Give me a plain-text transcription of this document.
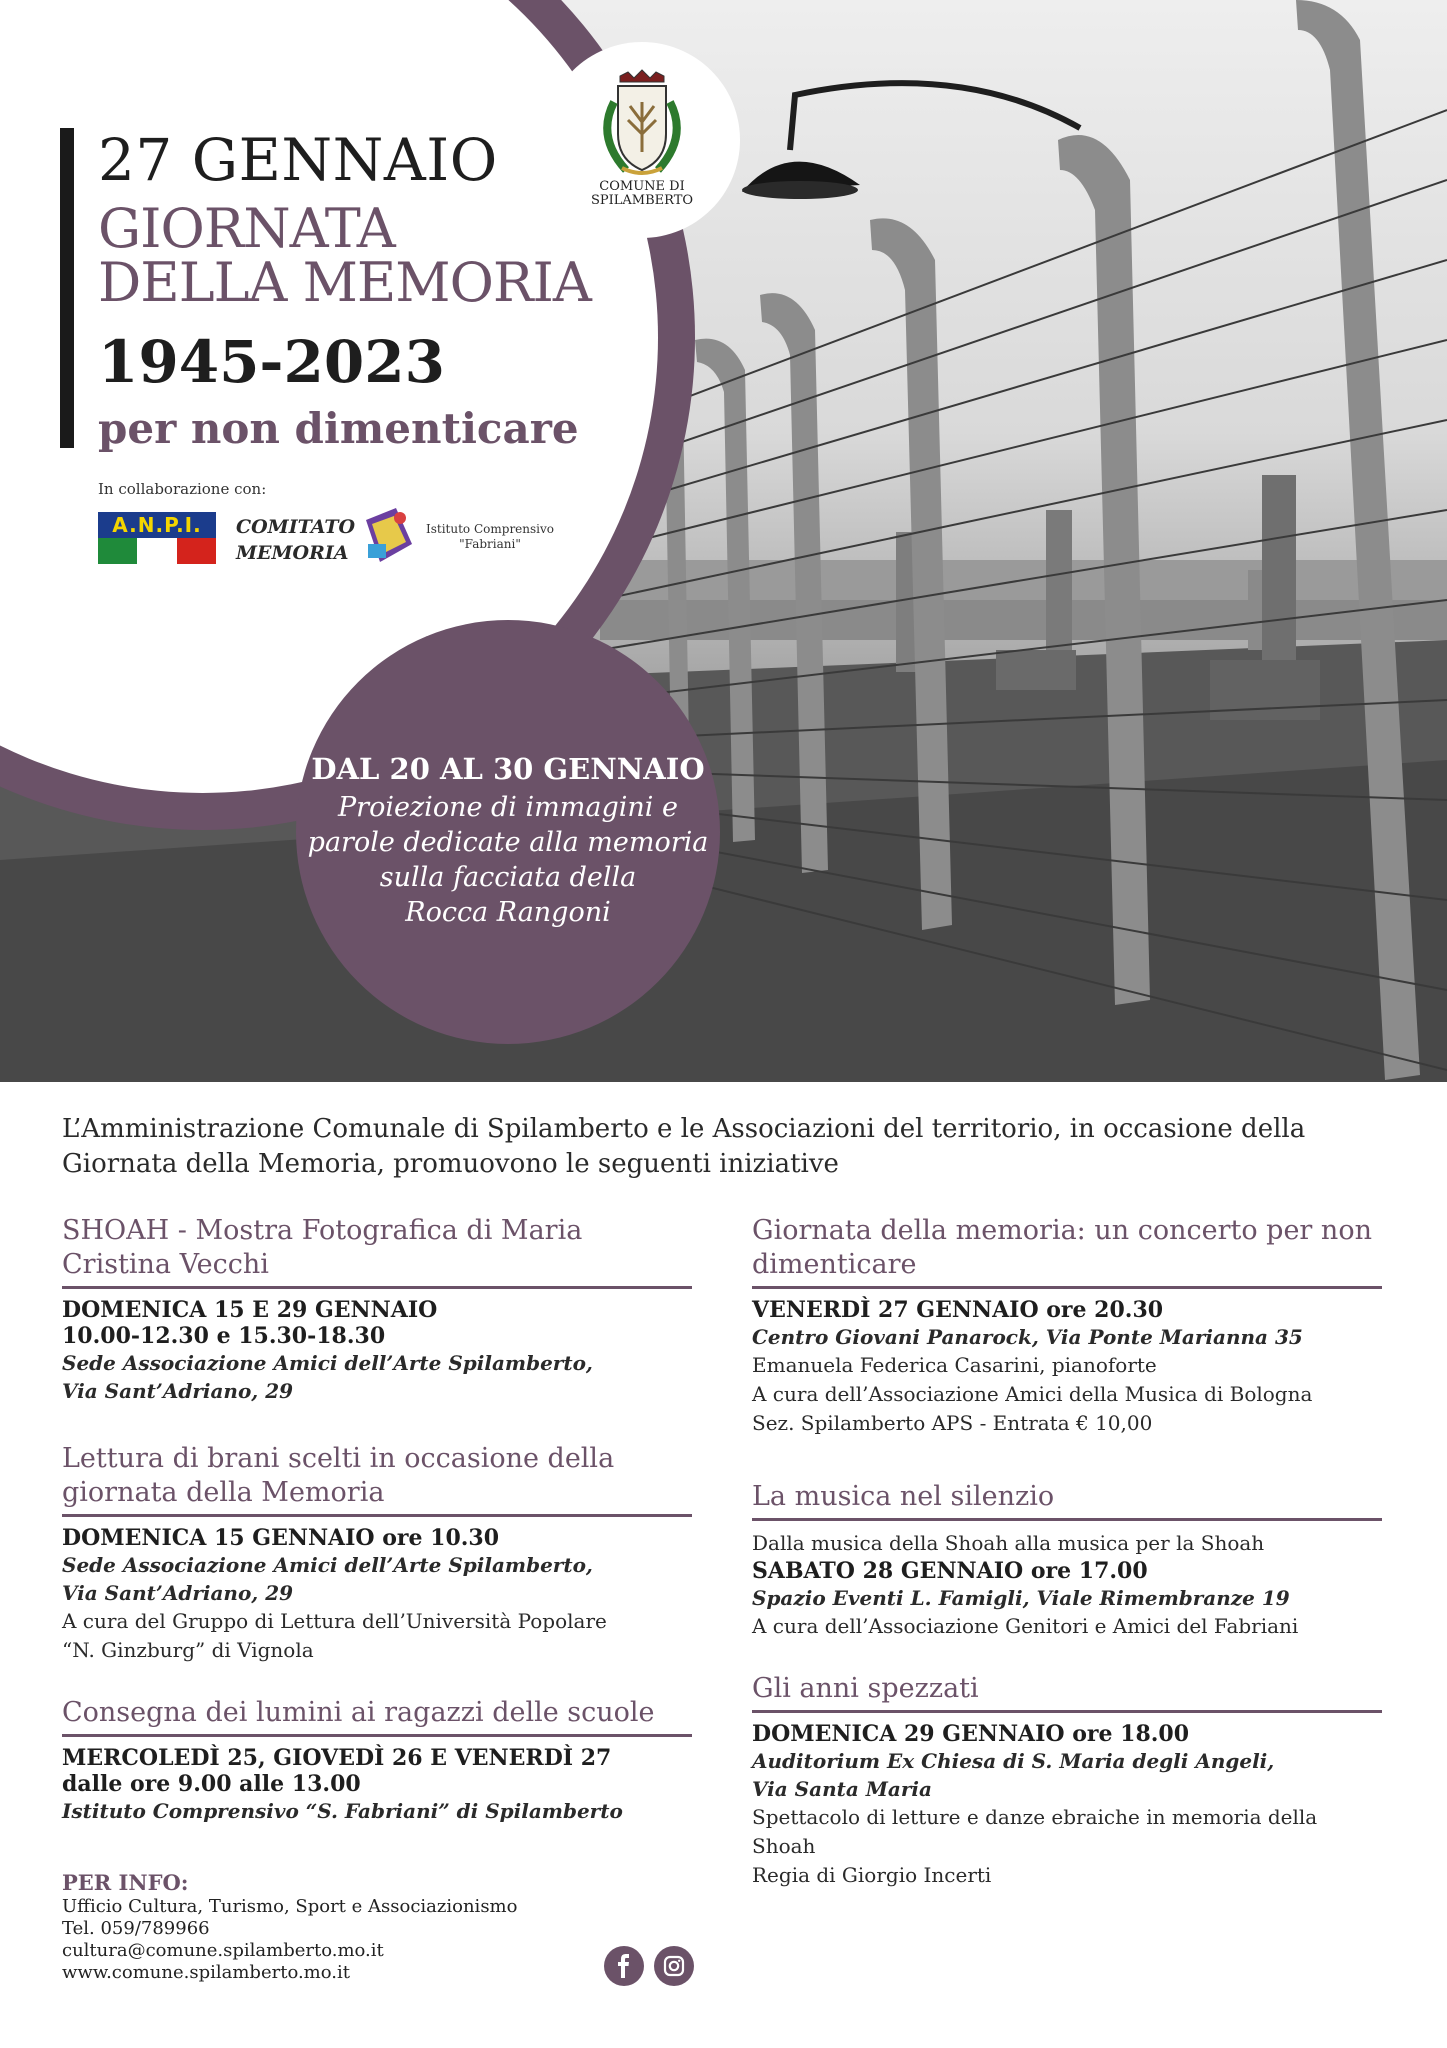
COMUNE DI
SPILAMBERTO
27 GENNAIO
GIORNATA
DELLA MEMORIA
1945-2023
per non dimenticare
In collaborazione con:
A.N.P.I.	COMITATO
MEMORIA
Istituto Comprensivo
"Fabriani"
DAL 20 AL 30 GENNAIO
Proiezione di immagini e
parole dedicate alla memoria
sulla facciata della
Rocca Rangoni
L’Amministrazione Comunale di Spilamberto e le Associazioni del territorio, in occasione della Giornata della Memoria, promuovono le seguenti iniziative
SHOAH - Mostra Fotografica di Maria Cristina Vecchi
DOMENICA 15 E 29 GENNAIO
10.00-12.30 e 15.30-18.30
Sede Associazione Amici dell’Arte Spilamberto,
Via Sant’Adriano, 29
Lettura di brani scelti in occasione della giornata della Memoria
DOMENICA 15 GENNAIO ore 10.30
Sede Associazione Amici dell’Arte Spilamberto,
Via Sant’Adriano, 29
A cura del Gruppo di Lettura dell’Università Popolare
“N. Ginzburg” di Vignola
Consegna dei lumini ai ragazzi delle scuole
MERCOLEDÌ 25, GIOVEDÌ 26 E VENERDÌ 27
dalle ore 9.00 alle 13.00
Istituto Comprensivo “S. Fabriani” di Spilamberto
Giornata della memoria: un concerto per non dimenticare
VENERDÌ 27 GENNAIO ore 20.30
Centro Giovani Panarock, Via Ponte Marianna 35
Emanuela Federica Casarini, pianoforte
A cura dell’Associazione Amici della Musica di Bologna
Sez. Spilamberto APS - Entrata € 10,00
La musica nel silenzio
Dalla musica della Shoah alla musica per la Shoah
SABATO 28 GENNAIO ore 17.00
Spazio Eventi L. Famigli, Viale Rimembranze 19
A cura dell’Associazione Genitori e Amici del Fabriani
Gli anni spezzati
DOMENICA 29 GENNAIO ore 18.00
Auditorium Ex Chiesa di S. Maria degli Angeli,
Via Santa Maria
Spettacolo di letture e danze ebraiche in memoria della Shoah
Regia di Giorgio Incerti
PER INFO:
Ufficio Cultura, Turismo, Sport e Associazionismo
Tel. 059/789966
cultura@comune.spilamberto.mo.it
www.comune.spilamberto.mo.it
